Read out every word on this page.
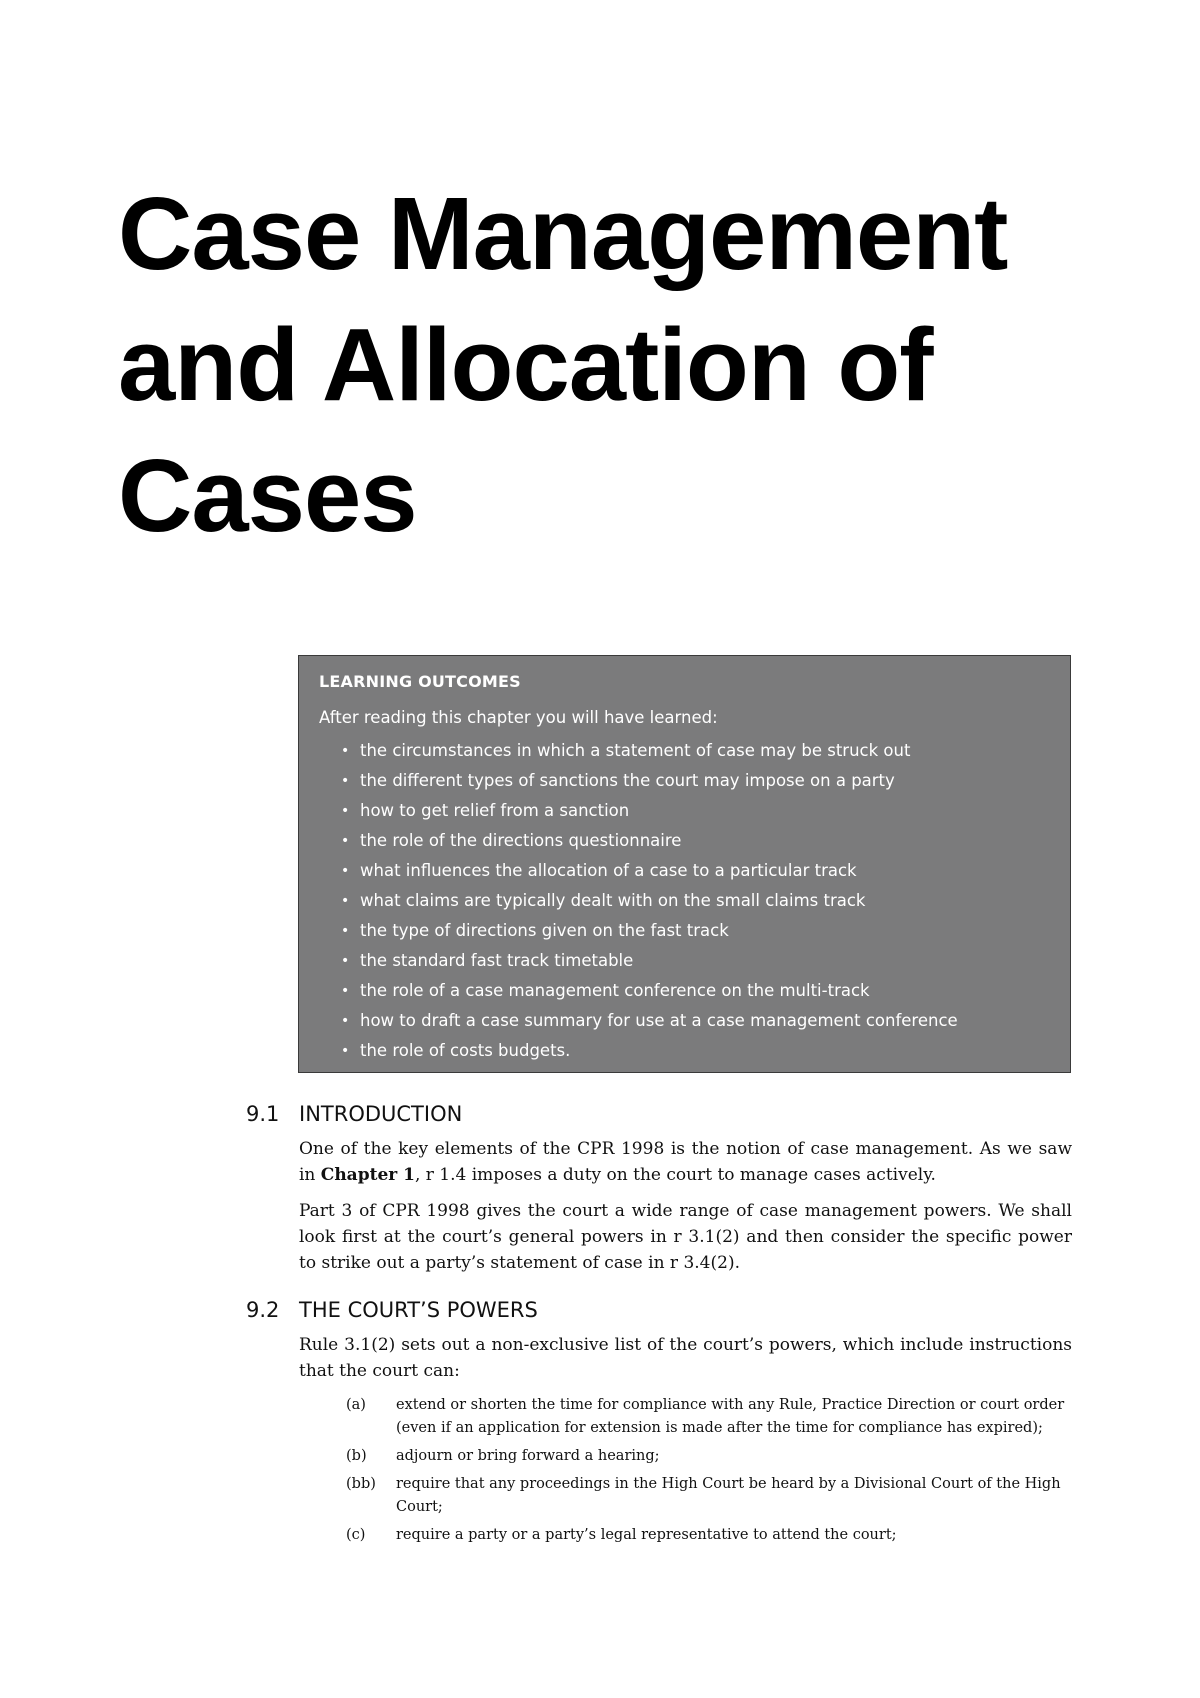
Case Management
and Allocation of
Cases
LEARNING OUTCOMES
After reading this chapter you will have learned:
• the circumstances in which a statement of case may be struck out
• the different types of sanctions the court may impose on a party
• how to get relief from a sanction
• the role of the directions questionnaire
• what influences the allocation of a case to a particular track
• what claims are typically dealt with on the small claims track
• the type of directions given on the fast track
• the standard fast track timetable
• the role of a case management conference on the multi-track
• how to draft a case summary for use at a case management conference
• the role of costs budgets.
9.1 INTRODUCTION

One of the key elements of the CPR 1998 is the notion of case management. As we saw in Chapter 1, r 1.4 imposes a duty on the court to manage cases actively.

Part 3 of CPR 1998 gives the court a wide range of case management powers. We shall look first at the court’s general powers in r 3.1(2) and then consider the specific power to strike out a party’s statement of case in r 3.4(2).

9.2 THE COURT’S POWERS

Rule 3.1(2) sets out a non-exclusive list of the court’s powers, which include instructions that the court can:

(a)	extend or shorten the time for compliance with any Rule, Practice Direction or court order (even if an application for extension is made after the time for compliance has expired);
(b)	adjourn or bring forward a hearing;
(bb)	require that any proceedings in the High Court be heard by a Divisional Court of the High Court;
(c)	require a party or a party’s legal representative to attend the court;
